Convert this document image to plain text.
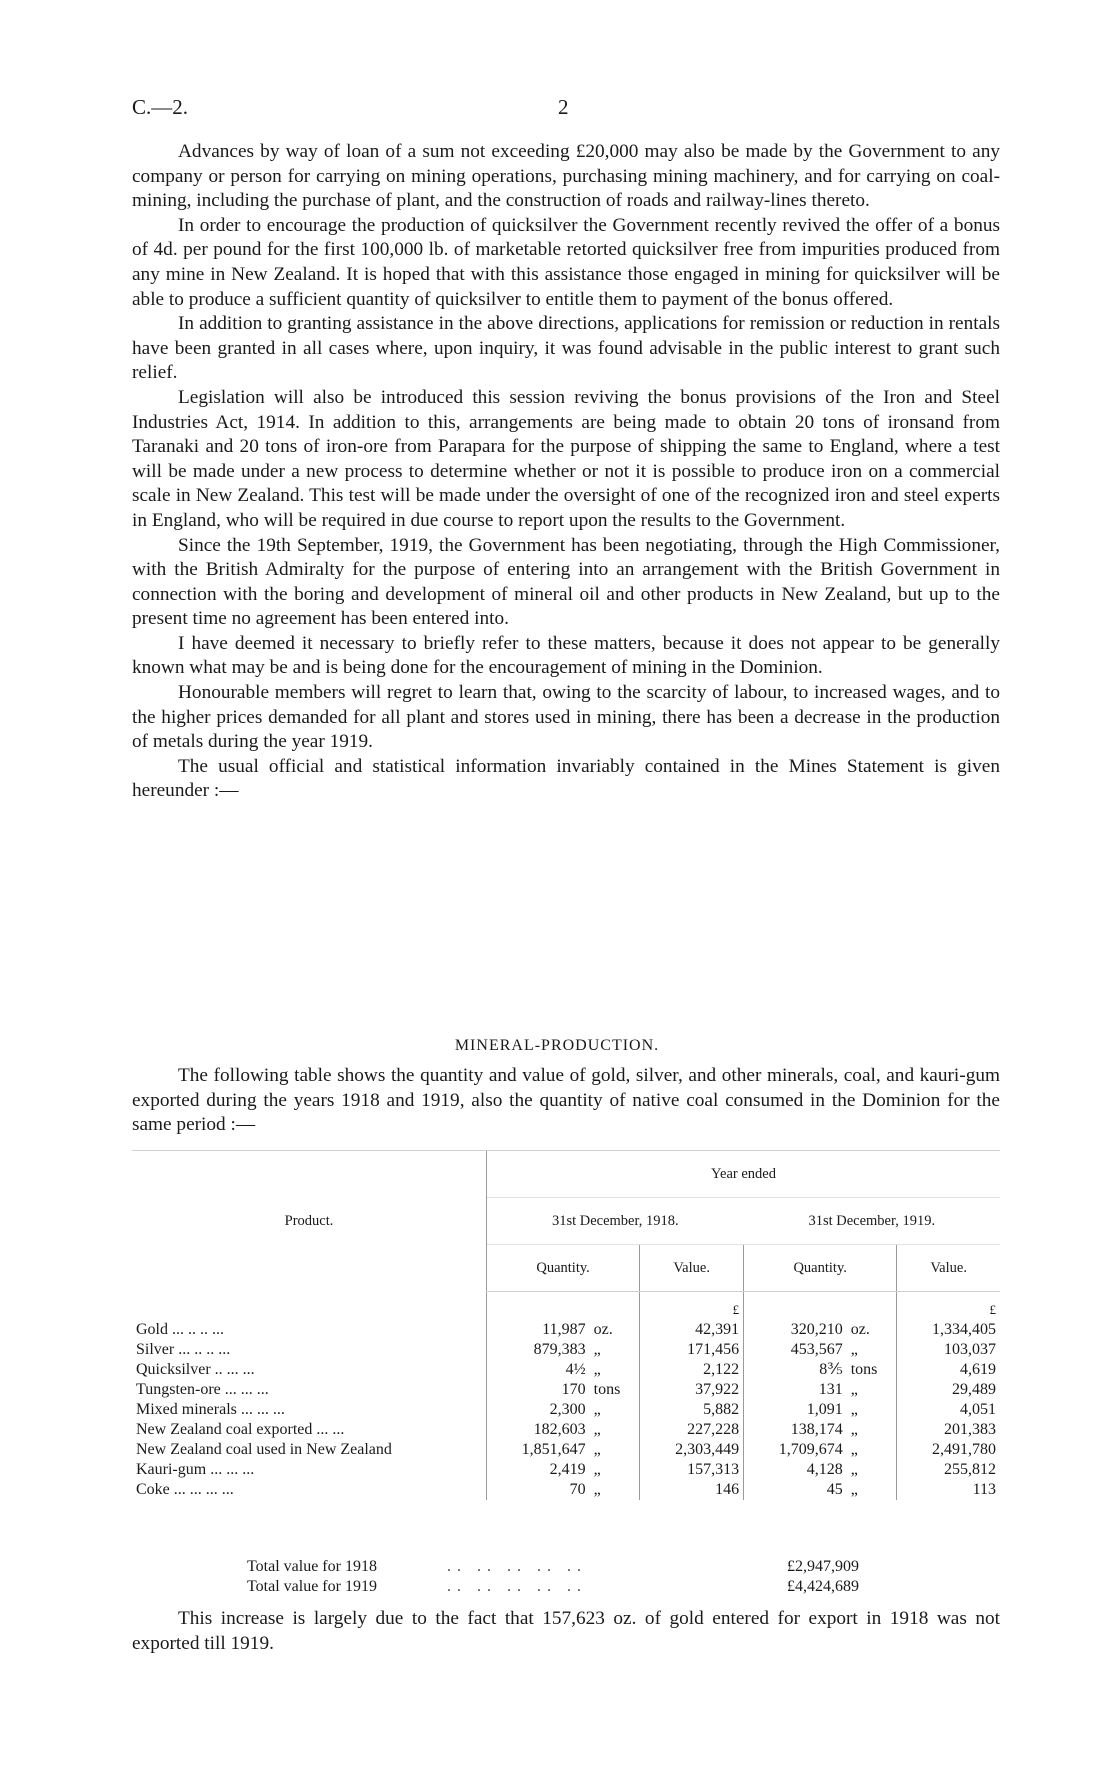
C.—2.	2

Advances by way of loan of a sum not exceeding £20,000 may also be made by the Government to any company or person for carrying on mining operations, purchasing mining machinery, and for carrying on coal-mining, including the purchase of plant, and the construction of roads and railway-lines thereto.

In order to encourage the production of quicksilver the Government recently revived the offer of a bonus of 4d. per pound for the first 100,000 lb. of marketable retorted quicksilver free from impurities produced from any mine in New Zealand. It is hoped that with this assistance those engaged in mining for quicksilver will be able to produce a sufficient quantity of quicksilver to entitle them to payment of the bonus offered.

In addition to granting assistance in the above directions, applications for remission or reduction in rentals have been granted in all cases where, upon inquiry, it was found advisable in the public interest to grant such relief.

Legislation will also be introduced this session reviving the bonus provisions of the Iron and Steel Industries Act, 1914. In addition to this, arrangements are being made to obtain 20 tons of ironsand from Taranaki and 20 tons of iron-ore from Parapara for the purpose of shipping the same to England, where a test will be made under a new process to determine whether or not it is possible to produce iron on a commercial scale in New Zealand. This test will be made under the oversight of one of the recognized iron and steel experts in England, who will be required in due course to report upon the results to the Government.

Since the 19th September, 1919, the Government has been negotiating, through the High Commissioner, with the British Admiralty for the purpose of entering into an arrangement with the British Government in connection with the boring and development of mineral oil and other products in New Zealand, but up to the present time no agreement has been entered into.

I have deemed it necessary to briefly refer to these matters, because it does not appear to be generally known what may be and is being done for the encouragement of mining in the Dominion.

Honourable members will regret to learn that, owing to the scarcity of labour, to increased wages, and to the higher prices demanded for all plant and stores used in mining, there has been a decrease in the production of metals during the year 1919.

The usual official and statistical information invariably contained in the Mines Statement is given hereunder :—

MINERAL-PRODUCTION.

The following table shows the quantity and value of gold, silver, and other minerals, coal, and kauri-gum exported during the years 1918 and 1919, also the quantity of native coal consumed in the Dominion for the same period :—

Product.	Year ended					
	31st December, 1918.			31st December, 1919.		
	Quantity.		Value.	Quantity.		Value.
			£			£
Gold ... .. .. ...	11,987	oz.	42,391	320,210	oz.	1,334,405
Silver ... .. .. ...	879,383	„	171,456	453,567	„	103,037
Quicksilver .. ... ...	4½	„	2,122	8⅗	tons	4,619
Tungsten-ore ... ... ...	170	tons	37,922	131	„	29,489
Mixed minerals ... ... ...	2,300	„	5,882	1,091	„	4,051
New Zealand coal exported ... ...	182,603	„	227,228	138,174	„	201,383
New Zealand coal used in New Zealand	1,851,647	„	2,303,449	1,709,674	„	2,491,780
Kauri-gum ... ... ...	2,419	„	157,313	4,128	„	255,812
Coke ... ... ... ...	70	„	146	45	„	113
Total value for 1918	.. .. .. .. ..	£2,947,909
Total value for 1919	.. .. .. .. ..	£4,424,689

This increase is largely due to the fact that 157,623 oz. of gold entered for export in 1918 was not exported till 1919.
